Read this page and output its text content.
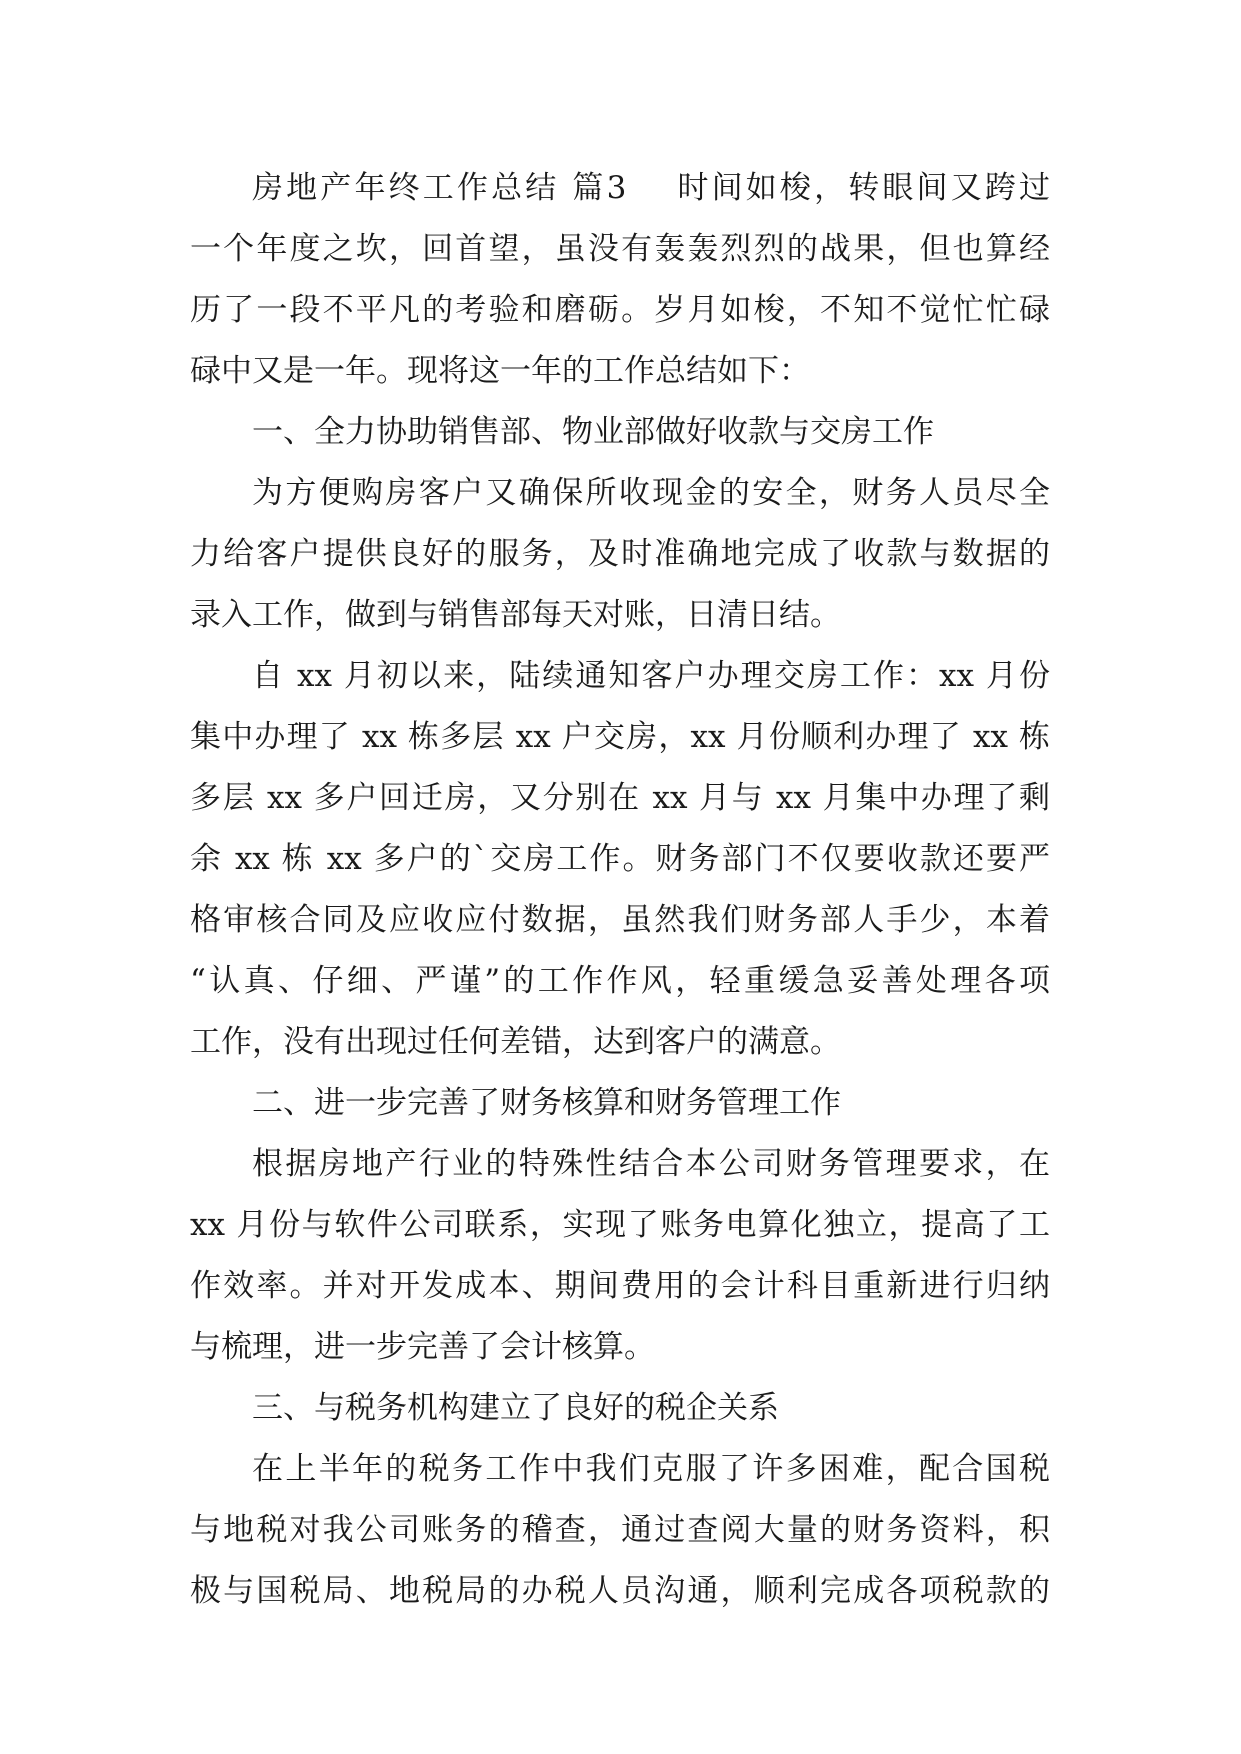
房地产年终工作总结 篇3 时间如梭，转眼间又跨过
一个年度之坎，回首望，虽没有轰轰烈烈的战果，但也算经
历了一段不平凡的考验和磨砺。岁月如梭，不知不觉忙忙碌
碌中又是一年。现将这一年的工作总结如下：
一、全力协助销售部、物业部做好收款与交房工作
为方便购房客户又确保所收现金的安全，财务人员尽全
力给客户提供良好的服务，及时准确地完成了收款与数据的
录入工作，做到与销售部每天对账，日清日结。
自 xx 月初以来，陆续通知客户办理交房工作：xx 月份
集中办理了 xx 栋多层 xx 户交房，xx 月份顺利办理了 xx 栋
多层 xx 多户回迁房，又分别在 xx 月与 xx 月集中办理了剩
余 xx 栋 xx 多户的`交房工作。财务部门不仅要收款还要严
格审核合同及应收应付数据，虽然我们财务部人手少，本着
“认真、仔细、严谨”的工作作风，轻重缓急妥善处理各项
工作，没有出现过任何差错，达到客户的满意。
二、进一步完善了财务核算和财务管理工作
根据房地产行业的特殊性结合本公司财务管理要求，在
xx 月份与软件公司联系，实现了账务电算化独立，提高了工
作效率。并对开发成本、期间费用的会计科目重新进行归纳
与梳理，进一步完善了会计核算。
三、与税务机构建立了良好的税企关系
在上半年的税务工作中我们克服了许多困难，配合国税
与地税对我公司账务的稽查，通过查阅大量的财务资料，积
极与国税局、地税局的办税人员沟通，顺利完成各项税款的
